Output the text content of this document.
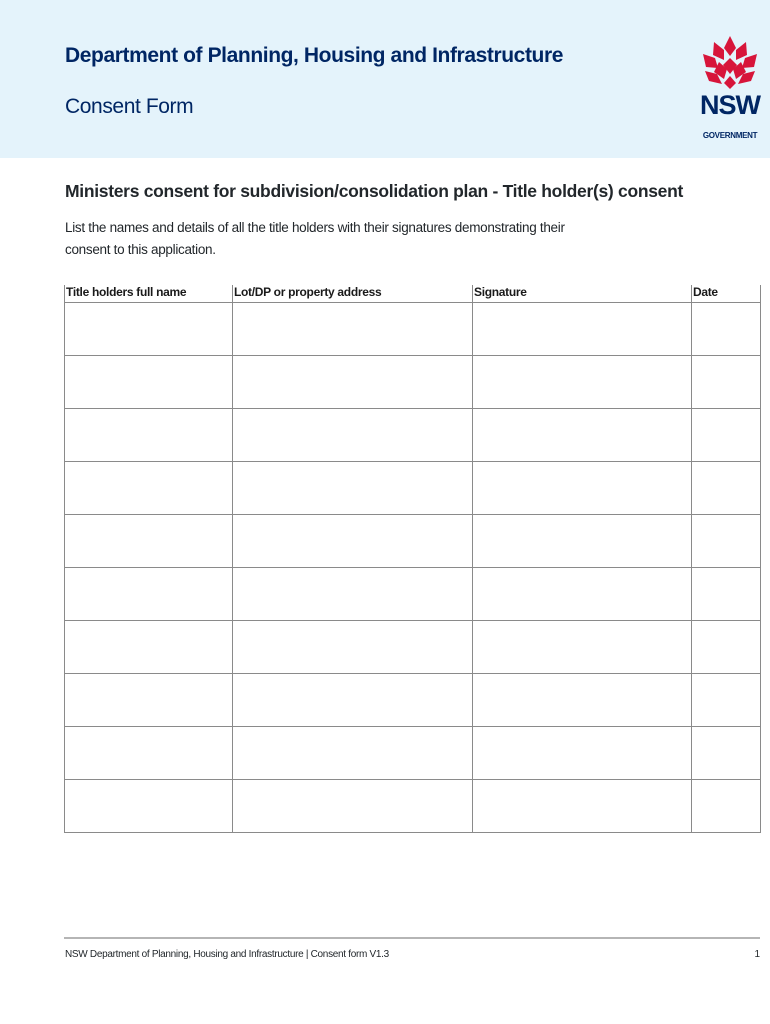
Department of Planning, Housing and Infrastructure
Consent Form	NSW
GOVERNMENT
Ministers consent for subdivision/consolidation plan - Title holder(s) consent
List the names and details of all the title holders with their signatures demonstrating their consent to this application.
Title holders full name	Lot/DP or property address	Signature	Date

NSW Department of Planning, Housing and Infrastructure | Consent form V1.3	1
